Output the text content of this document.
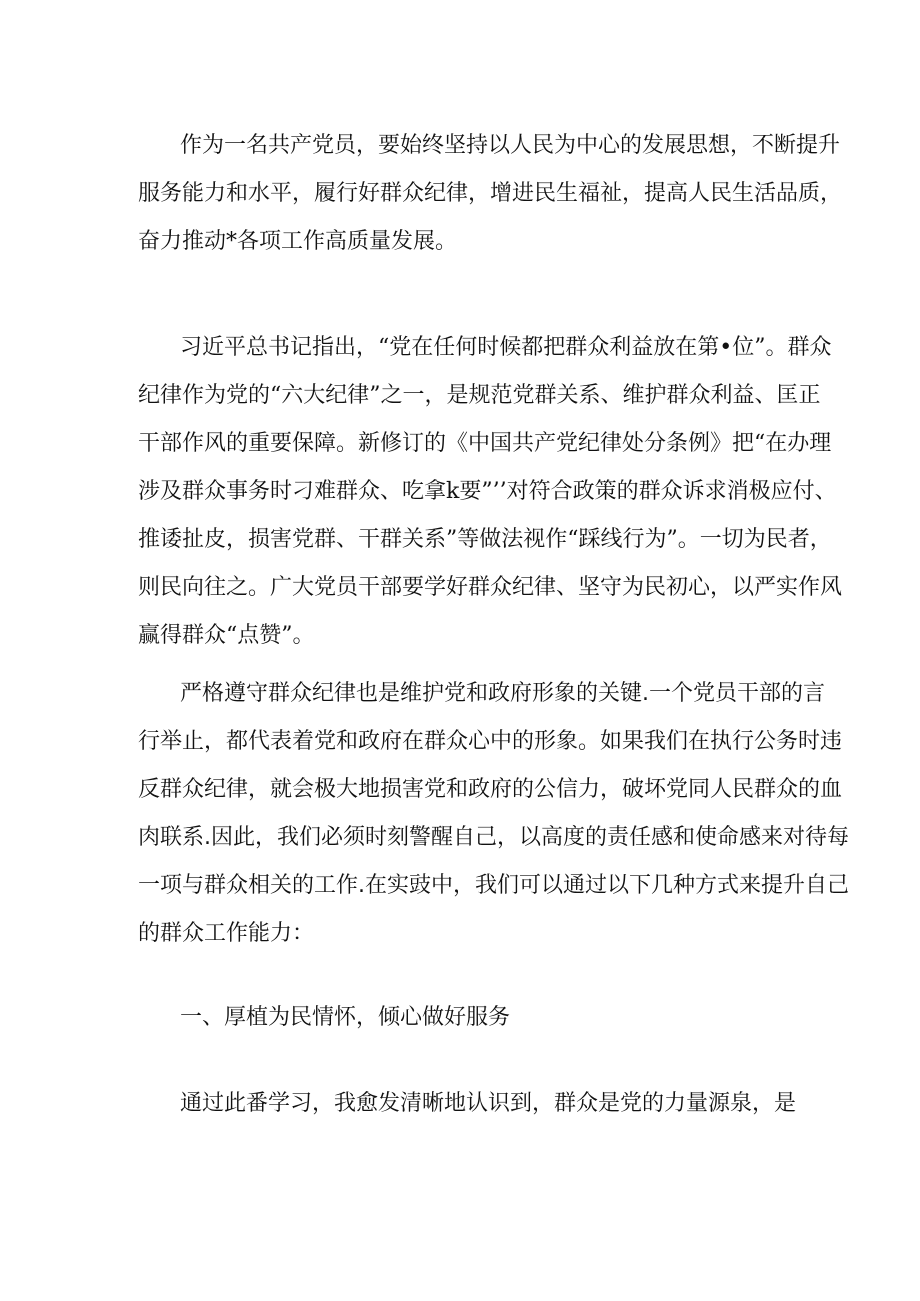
作为一名共产党员，要始终坚持以人民为中心的发展思想，不断提升
服务能力和水平，履行好群众纪律，增进民生福祉，提高人民生活品质，
奋力推动*各项工作高质量发展。
习近平总书记指出，“党在任何时候都把群众利益放在第•位”。群众
纪律作为党的“六大纪律”之一，是规范党群关系、维护群众利益、匡正
干部作风的重要保障。新修订的《中国共产党纪律处分条例》把“在办理
涉及群众事务时刁难群众、吃拿k要”’’对符合政策的群众诉求消极应付、
推诿扯皮，损害党群、干群关系”等做法视作“踩线行为”。一切为民者，
则民向往之。广大党员干部要学好群众纪律、坚守为民初心，以严实作风
赢得群众“点赞”。
严格遵守群众纪律也是维护党和政府形象的关键.一个党员干部的言
行举止，都代表着党和政府在群众心中的形象。如果我们在执行公务时违
反群众纪律，就会极大地损害党和政府的公信力，破坏党同人民群众的血
肉联系.因此，我们必须时刻警醒自己，以高度的责任感和使命感来对待每
一项与群众相关的工作.在实豉中，我们可以通过以下几种方式来提升自己
的群众工作能力：
一、厚植为民情怀，倾心做好服务
通过此番学习，我愈发清晰地认识到，群众是党的力量源泉，是
